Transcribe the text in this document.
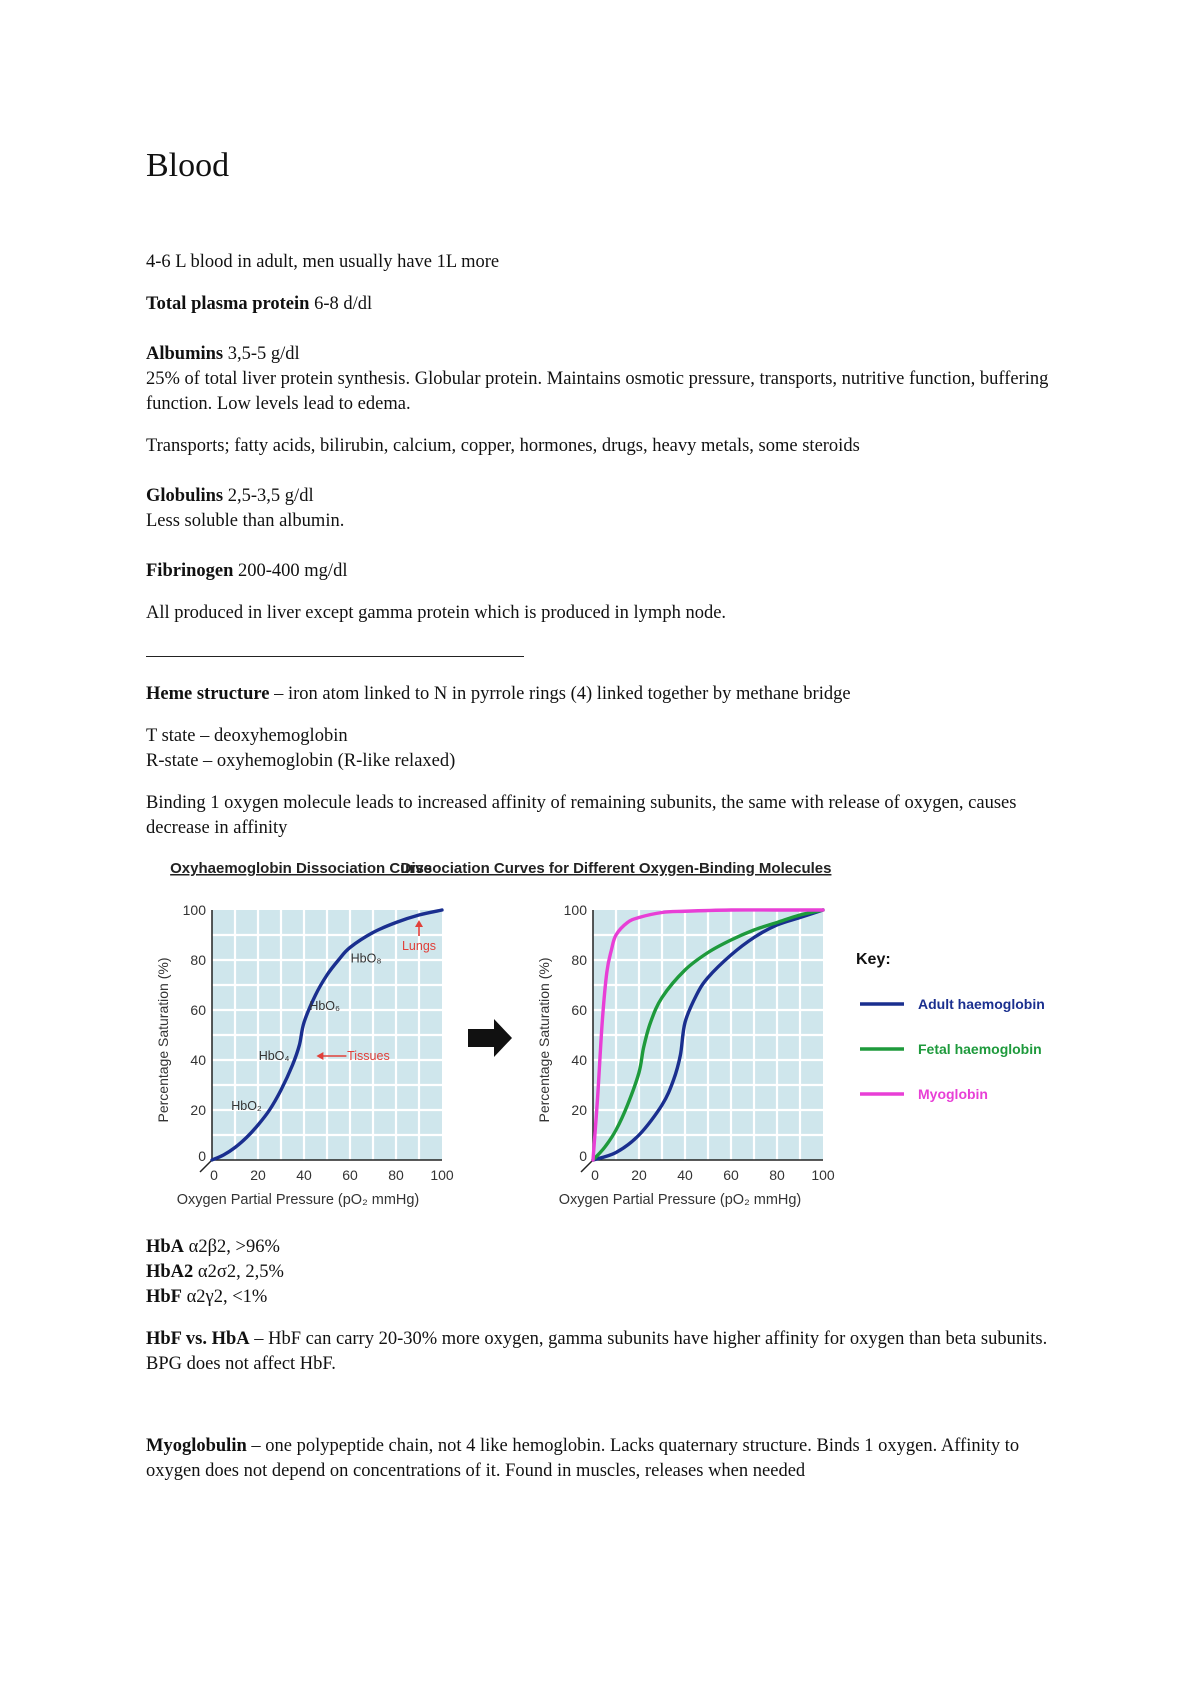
Blood

4-6 L blood in adult, men usually have 1L more

Total plasma protein 6-8 d/dl

Albumins 3,5-5 g/dl
25% of total liver protein synthesis. Globular protein. Maintains osmotic pressure, transports, nutritive function, buffering function. Low levels lead to edema.

Transports; fatty acids, bilirubin, calcium, copper, hormones, drugs, heavy metals, some steroids

Globulins 2,5-3,5 g/dl
Less soluble than albumin.

Fibrinogen 200-400 mg/dl

All produced in liver except gamma protein which is produced in lymph node.

Heme structure – iron atom linked to N in pyrrole rings (4) linked together by methane bridge

T state – deoxyhemoglobin
R-state – oxyhemoglobin (R-like relaxed)

Binding 1 oxygen molecule leads to increased affinity of remaining subunits, the same with release of oxygen, causes decrease in affinity

Oxyhaemoglobin Dissociation Curve
Oxygen Partial Pressure (pO₂ mmHg)
Percentage Saturation (%)
0 20 40 60 80 100
0
20
40
60
80
100
HbO₂
HbO₄
HbO₆
HbO₈
Tissues
Lungs
Dissociation Curves for Different Oxygen-Binding Molecules
Oxygen Partial Pressure (pO₂ mmHg)
Percentage Saturation (%)
0 20 40 60 80 100
0
20
40
60
80
100
Key:
Adult haemoglobin
Fetal haemoglobin
Myoglobin

HbA α2β2, >96%
HbA2 α2σ2, 2,5%
HbF α2γ2, <1%

HbF vs. HbA – HbF can carry 20-30% more oxygen, gamma subunits have higher affinity for oxygen than beta subunits. BPG does not affect HbF.

Myoglobulin – one polypeptide chain, not 4 like hemoglobin. Lacks quaternary structure. Binds 1 oxygen. Affinity to oxygen does not depend on concentrations of it. Found in muscles, releases when needed
